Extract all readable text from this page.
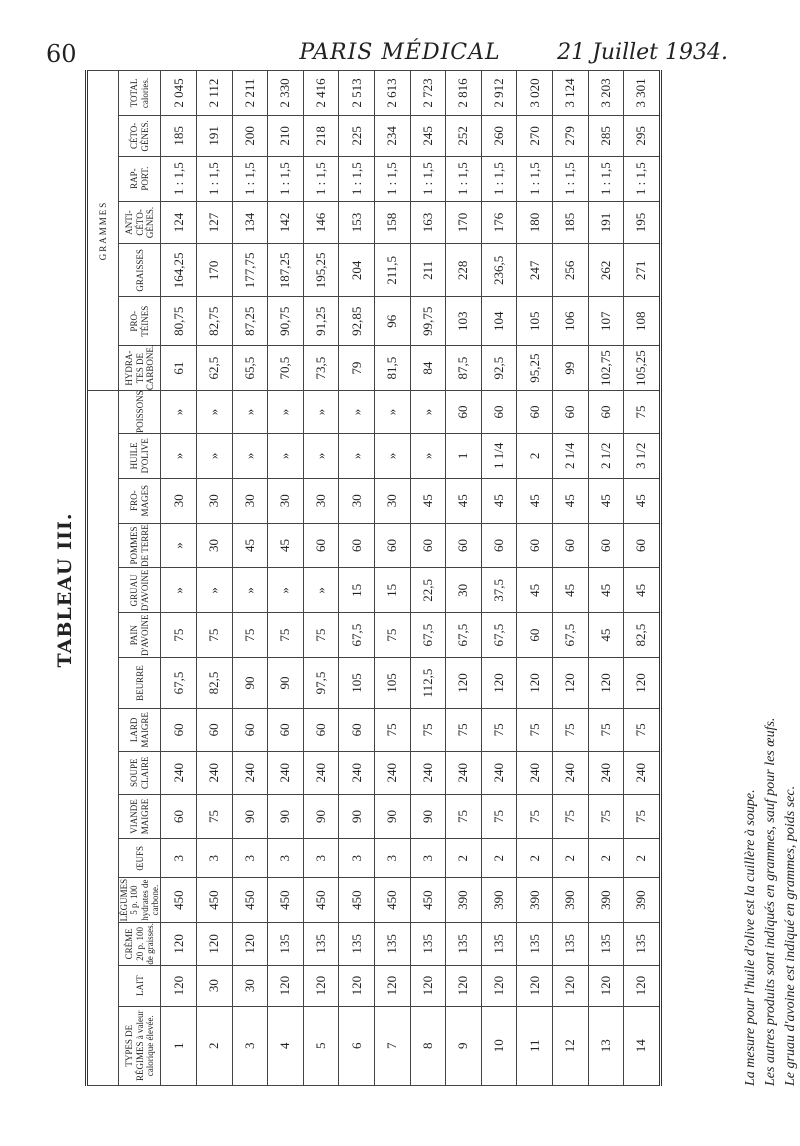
60	PARIS MÉDICAL	21 Juillet 1934.
TABLEAU III.
															GRAMMES						
TYPES DE RÉGIMES à valeur calorique élevée.	LAIT	CRÈME 20 p. 100 de graisses.	LÉGUMES 5 p. 100 hydrates de carbone.	ŒUFS	VIANDE MAIGRE	SOUPE CLAIRE	LARD MAIGRE	BEURRE	PAIN D'AVOINE	GRUAU D'AVOINE	POMMES DE TERRE	FRO-MAGES	HUILE D'OLIVE	POISSONS	HYDRA-TES DE CARBONE.	PRO-TÉINES	GRAISSES	ANTI-CÉTO-GÈNES.	RAP-PORT.	CÉTO-GÈNES.	TOTAL calories.
1	120	120	450	3	60	240	60	67,5	75	»	»	30	»	»	61	80,75	164,25	124	1 : 1,5	185	2 045
2	30	120	450	3	75	240	60	82,5	75	»	30	30	»	»	62,5	82,75	170	127	1 : 1,5	191	2 112
3	30	120	450	3	90	240	60	90	75	»	45	30	»	»	65,5	87,25	177,75	134	1 : 1,5	200	2 211
4	120	135	450	3	90	240	60	90	75	»	45	30	»	»	70,5	90,75	187,25	142	1 : 1,5	210	2 330
5	120	135	450	3	90	240	60	97,5	75	»	60	30	»	»	73,5	91,25	195,25	146	1 : 1,5	218	2 416
6	120	135	450	3	90	240	60	105	67,5	15	60	30	»	»	79	92,85	204	153	1 : 1,5	225	2 513
7	120	135	450	3	90	240	75	105	75	15	60	30	»	»	81,5	96	211,5	158	1 : 1,5	234	2 613
8	120	135	450	3	90	240	75	112,5	67,5	22,5	60	45	»	»	84	99,75	211	163	1 : 1,5	245	2 723
9	120	135	390	2	75	240	75	120	67,5	30	60	45	1	60	87,5	103	228	170	1 : 1,5	252	2 816
10	120	135	390	2	75	240	75	120	67,5	37,5	60	45	1 1/4	60	92,5	104	236,5	176	1 : 1,5	260	2 912
11	120	135	390	2	75	240	75	120	60	45	60	45	2	60	95,25	105	247	180	1 : 1,5	270	3 020
12	120	135	390	2	75	240	75	120	67,5	45	60	45	2 1/4	60	99	106	256	185	1 : 1,5	279	3 124
13	120	135	390	2	75	240	75	120	45	45	60	45	2 1/2	60	102,75	107	262	191	1 : 1,5	285	3 203
14	120	135	390	2	75	240	75	120	82,5	45	60	45	3 1/2	75	105,25	108	271	195	1 : 1,5	295	3 301
La mesure pour l'huile d'olive est la cuillère à soupe. Les autres produits sont indiqués en grammes, sauf pour les œufs. Le gruau d'avoine est indiqué en grammes, poids sec.
